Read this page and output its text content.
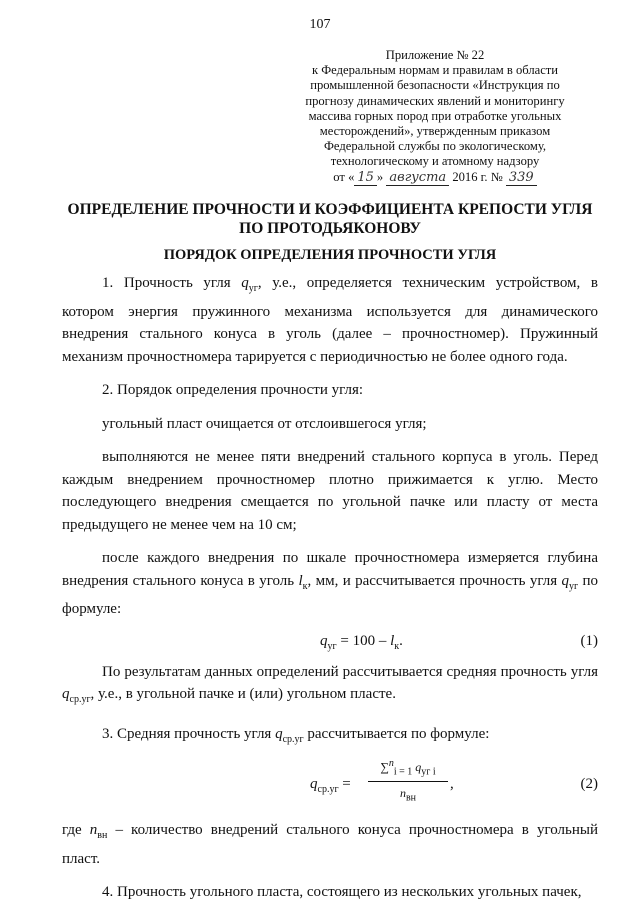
107
Приложение № 22
к Федеральным нормам и правилам в области
промышленной безопасности «Инструкция по
прогнозу динамических явлений и мониторингу
массива горных пород при отработке угольных
месторождений», утвержденным приказом
Федеральной службы по экологическому,
технологическому и атомному надзору
от « 15 » августа 2016 г. № 339
ОПРЕДЕЛЕНИЕ ПРОЧНОСТИ И КОЭФФИЦИЕНТА КРЕПОСТИ УГЛЯ
ПО ПРОТОДЬЯКОНОВУ
ПОРЯДОК ОПРЕДЕЛЕНИЯ ПРОЧНОСТИ УГЛЯ

1. Прочность угля $q_{уг}$, у.е., определяется техническим устройством, в котором энергия пружинного механизма используется для динамического внедрения стального конуса в уголь (далее – прочностномер). Пружинный механизм прочностномера тарируется с периодичностью не более одного года.

2. Порядок определения прочности угля:

угольный пласт очищается от отслоившегося угля;

выполняются не менее пяти внедрений стального корпуса в уголь. Перед каждым внедрением прочностномер плотно прижимается к углю. Место последующего внедрения смещается по угольной пачке или пласту от места предыдущего не менее чем на 10 см;

после каждого внедрения по шкале прочностномера измеряется глубина внедрения стального конуса в уголь $l_к$, мм, и рассчитывается прочность угля $q_{уг}$ по формуле:

$q_{уг} = 100 - l_к$.	(1)

По результатам данных определений рассчитывается средняя прочность угля $q_{ср.уг}$, у.е., в угольной пачке и (или) угольном пласте.

3. Средняя прочность угля $q_{ср.уг}$ рассчитывается по формуле:

$q_{ср.уг}$ =
∑$^n_{i = 1}$ $q_{уг i}$
$n_{вн}$
,	(2)

где $n_{вн}$ – количество внедрений стального конуса прочностномера в угольный пласт.

4. Прочность угольного пласта, состоящего из нескольких угольных пачек,
